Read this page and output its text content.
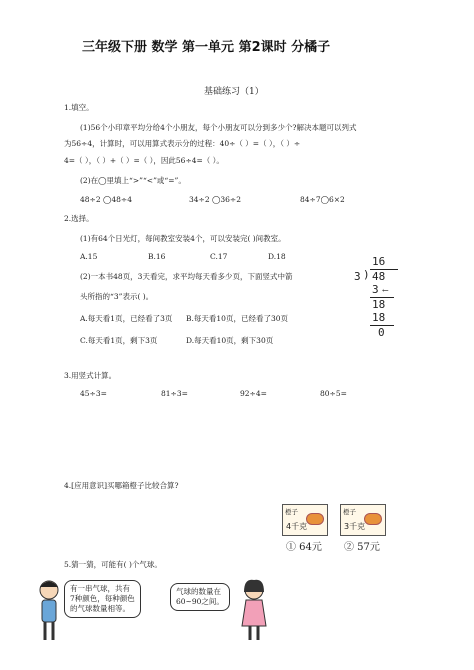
三年级下册 数学 第一单元 第2课时 分橘子
基础练习（1）
1.填空。
(1)56个小印章平均分给4个小朋友，每个小朋友可以分到多少个?解决本题可以列式
为56÷4，计算时，可以用算式表示分的过程：40÷（ ）=（ ），（ ）÷
4=（ ），（ ）+（ ）=（ ），因此56÷4=（ ）。
(2)在◯里填上“>”“<”或“=”。
48÷2 ◯48÷4	34÷2 ◯36÷2	84÷7◯6×2
2.选择。
(1)有64个日光灯，每间教室安装4个，可以安装完( )间教室。
A.15	B.16	C.17	D.18
(2)一本书48页，3天看完，求平均每天看多少页，下面竖式中箭
头所指的“3”表示( )。
A.每天看1页，已经看了3页 B.每天看10页，已经看了30页
C.每天看1页，剩下3页	D.每天看10页，剩下30页
16
3 ) 48
3 ←
18
18
0
3.用竖式计算。
45÷3=	81÷3=	92÷4=	80÷5=
4.[应用意识]买哪箱橙子比较合算?
橙子
4千克
橙子
3千克
① 64元 ② 57元
5.猜一猜，可能有( )个气球。
有一串气球，共有
7种颜色，每种颜色
的气球数量相等。
气球的数量在
60~90之间。
